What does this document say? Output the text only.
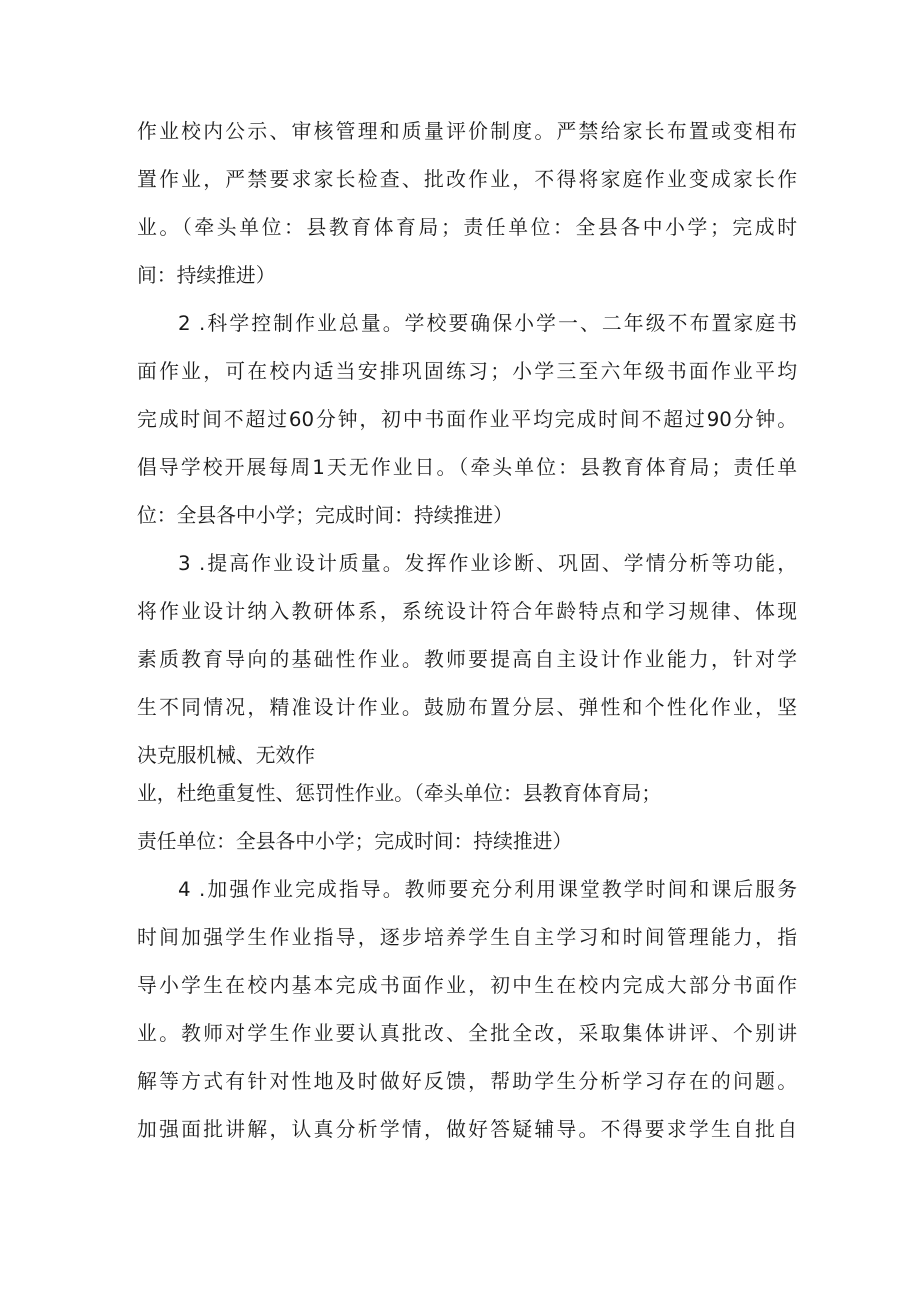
作业校内公示、审核管理和质量评价制度。严禁给家长布置或变相布
置作业，严禁要求家长检查、批改作业，不得将家庭作业变成家长作
业。（牵头单位：县教育体育局；责任单位：全县各中小学；完成时
间：持续推进）
2 .科学控制作业总量。学校要确保小学一、二年级不布置家庭书
面作业，可在校内适当安排巩固练习；小学三至六年级书面作业平均
完成时间不超过60分钟，初中书面作业平均完成时间不超过90分钟。
倡导学校开展每周1天无作业日。（牵头单位：县教育体育局；责任单
位：全县各中小学；完成时间：持续推进）
3 .提高作业设计质量。发挥作业诊断、巩固、学情分析等功能，
将作业设计纳入教研体系，系统设计符合年龄特点和学习规律、体现
素质教育导向的基础性作业。教师要提高自主设计作业能力，针对学
生不同情况，精准设计作业。鼓励布置分层、弹性和个性化作业，坚
决克服机械、无效作
业，杜绝重复性、惩罚性作业。（牵头单位：县教育体育局；
责任单位：全县各中小学；完成时间：持续推进）
4 .加强作业完成指导。教师要充分利用课堂教学时间和课后服务
时间加强学生作业指导，逐步培养学生自主学习和时间管理能力，指
导小学生在校内基本完成书面作业，初中生在校内完成大部分书面作
业。教师对学生作业要认真批改、全批全改，采取集体讲评、个别讲
解等方式有针对性地及时做好反馈，帮助学生分析学习存在的问题。
加强面批讲解，认真分析学情，做好答疑辅导。不得要求学生自批自
